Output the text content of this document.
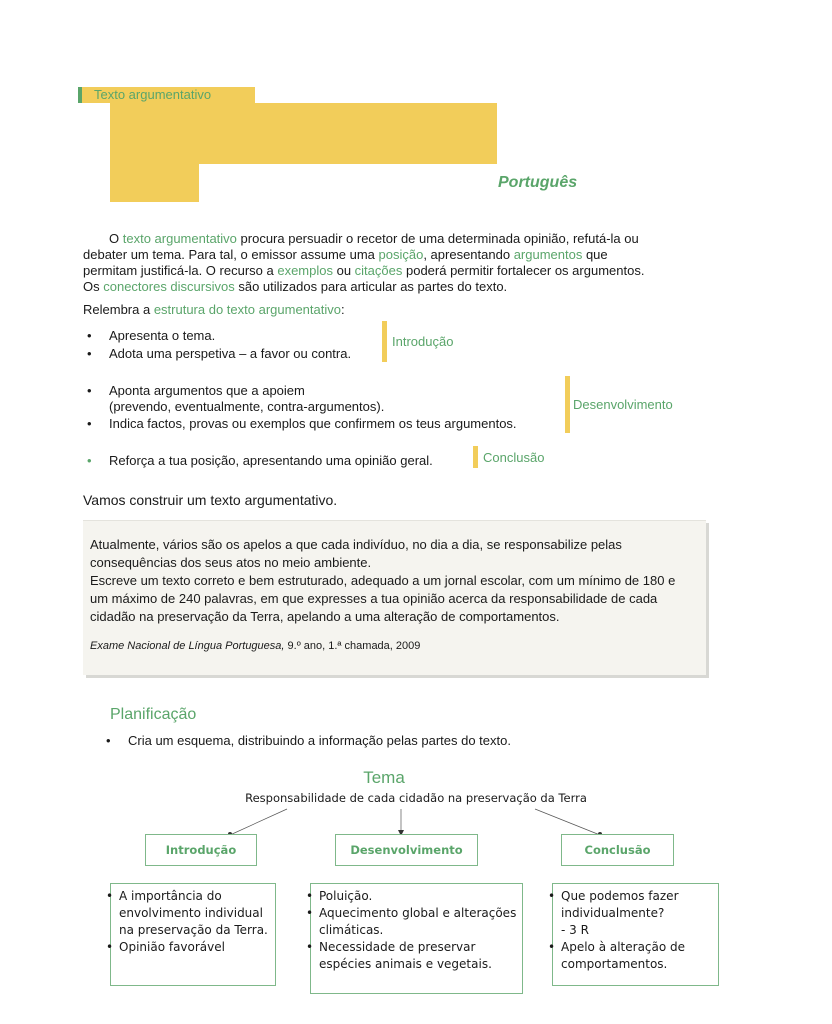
Texto argumentativo
Português
O texto argumentativo procura persuadir o recetor de uma determinada opinião, refutá-la ou debater um tema. Para tal, o emissor assume uma posição, apresentando argumentos que permitam justificá-la. O recurso a exemplos ou citações poderá permitir fortalecer os argumentos. Os conectores discursivos são utilizados para articular as partes do texto.
Relembra a estrutura do texto argumentativo:
• Apresenta o tema.
• Adota uma perspetiva – a favor ou contra.
Introdução
• Aponta argumentos que a apoiem
(prevendo, eventualmente, contra-argumentos).
• Indica factos, provas ou exemplos que confirmem os teus argumentos.
Desenvolvimento
• Reforça a tua posição, apresentando uma opinião geral.	Conclusão
Vamos construir um texto argumentativo.
Atualmente, vários são os apelos a que cada indivíduo, no dia a dia, se responsabilize pelas consequências dos seus atos no meio ambiente.
Escreve um texto correto e bem estruturado, adequado a um jornal escolar, com um mínimo de 180 e um máximo de 240 palavras, em que expresses a tua opinião acerca da responsabilidade de cada cidadão na preservação da Terra, apelando a uma alteração de comportamentos.
Exame Nacional de Língua Portuguesa, 9.º ano, 1.ª chamada, 2009
Planificação
• Cria um esquema, distribuindo a informação pelas partes do texto.
Tema
Responsabilidade de cada cidadão na preservação da Terra
Introdução	Desenvolvimento	Conclusão
• A importância do envolvimento individual na preservação da Terra.
• Opinião favorável
• Poluição.
• Aquecimento global e alterações climáticas.
• Necessidade de preservar espécies animais e vegetais.
• Que podemos fazer individualmente?
- 3 R
• Apelo à alteração de comportamentos.
